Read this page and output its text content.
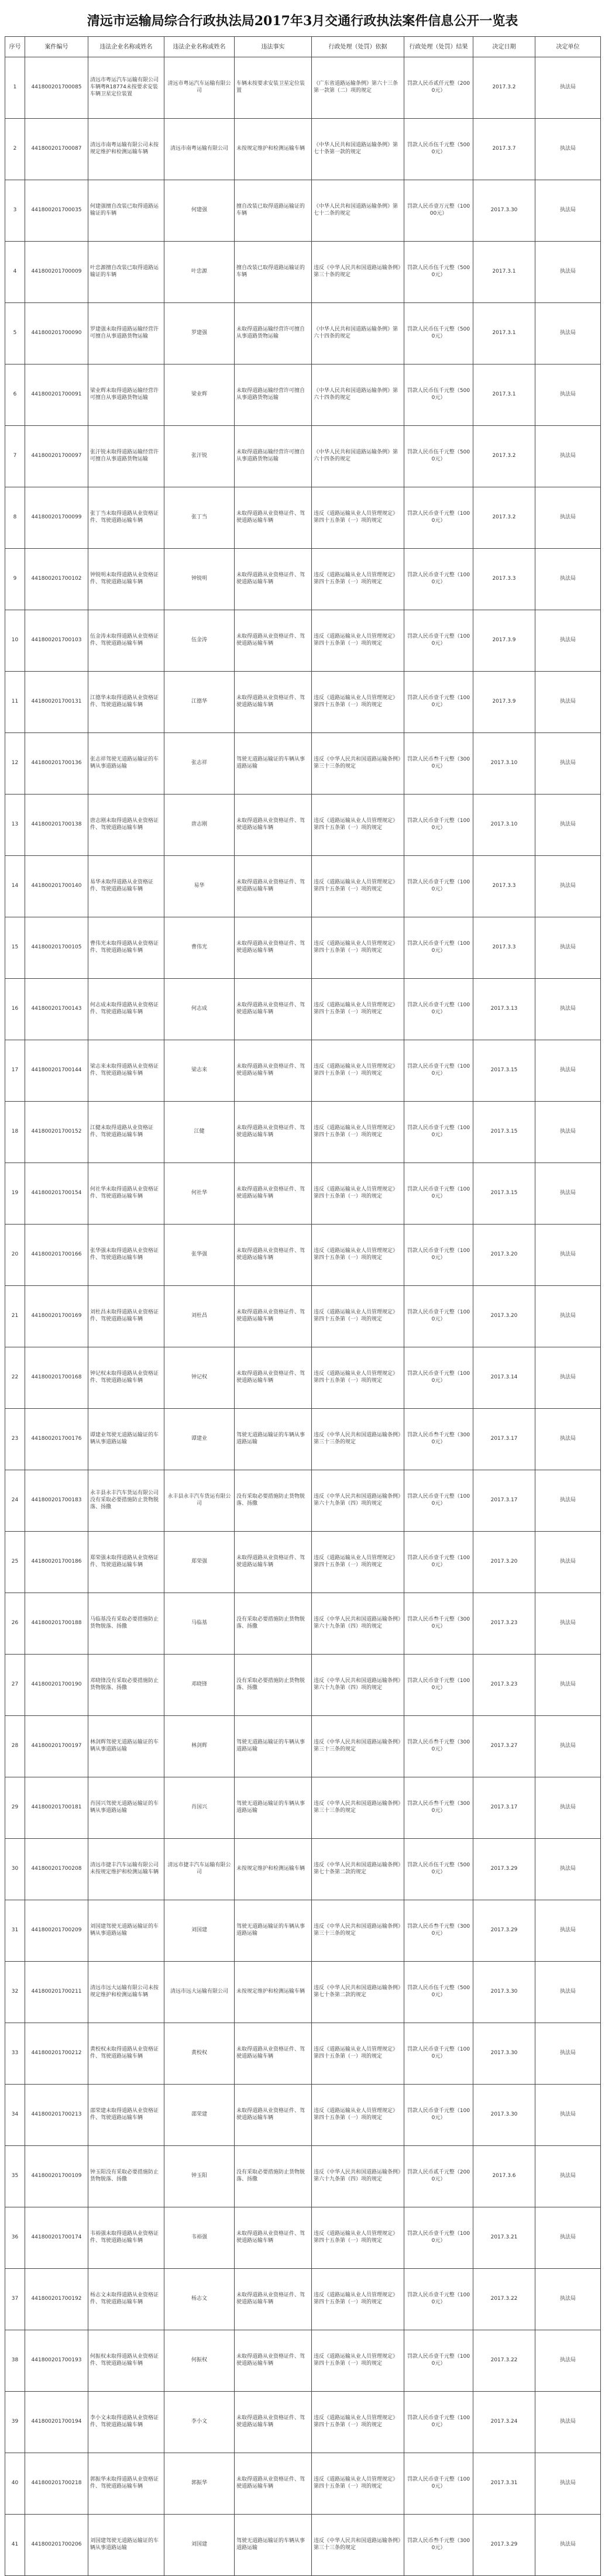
清远市运输局综合行政执法局2017年3月交通行政执法案件信息公开一览表
序号	案件编号	违法企业名称或姓名	违法企业名称或姓名	违法事实	行政处理（处罚）依据	行政处理（处罚）结果	决定日期	决定单位
1	441800201700085	清远市粤运汽车运输有限公司车辆粤R18774未按要求安装车辆卫星定位装置	清远市粤运汽车运输有限公司	车辆未按要求安装卫星定位装置	《广东省道路运输条例》第六十三条第一款第（二）项的规定	罚款人民币贰仟元整（2000元）	2017.3.2	执法局
2	441800201700087	清远市南粤运输有限公司未按规定维护和检测运输车辆	清远市南粤运输有限公司	未按规定维护和检测运输车辆	《中华人民共和国道路运输条例》第七十条第一款的规定	罚款人民币伍千元整（5000元）	2017.3.7	执法局
3	441800201700035	何建强擅自改装已取得道路运输证的车辆	何建强	擅自改装已取得道路运输证的车辆	《中华人民共和国道路运输条例》第七十二条的规定	罚款人民币壹万元整（10000元）	2017.3.30	执法局
4	441800201700009	叶忠源擅自改装已取得道路运输证的车辆	叶忠源	擅自改装已取得道路运输证的车辆	违反《中华人民共和国道路运输条例》第三十条的规定	罚款人民币伍千元整（5000元）	2017.3.1	执法局
5	441800201700090	罗建强未取得道路运输经营许可擅自从事道路货物运输	罗建强	未取得道路运输经营许可擅自从事道路货物运输	《中华人民共和国道路运输条例》第六十四条的规定	罚款人民币伍千元整（5000元）	2017.3.1	执法局
6	441800201700091	梁业辉未取得道路运输经营许可擅自从事道路货物运输	梁业辉	未取得道路运输经营许可擅自从事道路货物运输	《中华人民共和国道路运输条例》第六十四条的规定	罚款人民币伍千元整（5000元）	2017.3.1	执法局
7	441800201700097	张汗锐未取得道路运输经营许可擅自从事道路货物运输	张汗锐	未取得道路运输经营许可擅自从事道路货物运输	《中华人民共和国道路运输条例》第六十四条的规定	罚款人民币伍千元整（5000元）	2017.3.2	执法局
8	441800201700099	张丁当未取得道路从业资格证件、驾驶道路运输车辆	张丁当	未取得道路从业资格证件、驾驶道路运输车辆	违反《道路运输从业人员管理规定》第四十五条第（一）项的规定	罚款人民币壹千元整（1000元）	2017.3.2	执法局
9	441800201700102	钟锐明未取得道路从业资格证件、驾驶道路运输车辆	钟锐明	未取得道路从业资格证件、驾驶道路运输车辆	违反《道路运输从业人员管理规定》第四十五条第（一）项的规定	罚款人民币壹千元整（1000元）	2017.3.3	执法局
10	441800201700103	伍金涛未取得道路从业资格证件、驾驶道路运输车辆	伍金涛	未取得道路从业资格证件、驾驶道路运输车辆	违反《道路运输从业人员管理规定》第四十五条第（一）项的规定	罚款人民币壹千元整（1000元）	2017.3.9	执法局
11	441800201700131	江德华未取得道路从业资格证件、驾驶道路运输车辆	江德华	未取得道路从业资格证件、驾驶道路运输车辆	违反《道路运输从业人员管理规定》第四十五条第（一）项的规定	罚款人民币壹千元整（1000元）	2017.3.9	执法局
12	441800201700136	张志祥驾驶无道路运输证的车辆从事道路运输	张志祥	驾驶无道路运输证的车辆从事道路运输	违反《中华人民共和国道路运输条例》第三十三条的规定	罚款人民币叁千元整（3000元）	2017.3.10	执法局
13	441800201700138	唐志刚未取得道路从业资格证件、驾驶道路运输车辆	唐志刚	未取得道路从业资格证件、驾驶道路运输车辆	违反《道路运输从业人员管理规定》第四十五条第（一）项的规定	罚款人民币壹千元整（1000元）	2017.3.10	执法局
14	441800201700140	易华未取得道路从业资格证件、驾驶道路运输车辆	易华	未取得道路从业资格证件、驾驶道路运输车辆	违反《道路运输从业人员管理规定》第四十五条第（一）项的规定	罚款人民币壹千元整（1000元）	2017.3.3	执法局
15	441800201700105	曹伟光未取得道路从业资格证件、驾驶道路运输车辆	曹伟光	未取得道路从业资格证件、驾驶道路运输车辆	违反《道路运输从业人员管理规定》第四十五条第（一）项的规定	罚款人民币壹千元整（1000元）	2017.3.3	执法局
16	441800201700143	何志成未取得道路从业资格证件、驾驶道路运输车辆	何志成	未取得道路从业资格证件、驾驶道路运输车辆	违反《道路运输从业人员管理规定》第四十五条第（一）项的规定	罚款人民币壹千元整（1000元）	2017.3.13	执法局
17	441800201700144	梁志来未取得道路从业资格证件、驾驶道路运输车辆	梁志来	未取得道路从业资格证件、驾驶道路运输车辆	违反《道路运输从业人员管理规定》第四十五条第（一）项的规定	罚款人民币壹千元整（1000元）	2017.3.15	执法局
18	441800201700152	江健未取得道路从业资格证件、驾驶道路运输车辆	江健	未取得道路从业资格证件、驾驶道路运输车辆	违反《道路运输从业人员管理规定》第四十五条第（一）项的规定	罚款人民币壹千元整（1000元）	2017.3.15	执法局
19	441800201700154	何社华未取得道路从业资格证件、驾驶道路运输车辆	何社华	未取得道路从业资格证件、驾驶道路运输车辆	违反《道路运输从业人员管理规定》第四十五条第（一）项的规定	罚款人民币壹千元整（1000元）	2017.3.15	执法局
20	441800201700166	张华强未取得道路从业资格证件、驾驶道路运输车辆	张华强	未取得道路从业资格证件、驾驶道路运输车辆	违反《道路运输从业人员管理规定》第四十五条第（一）项的规定	罚款人民币壹千元整（1000元）	2017.3.20	执法局
21	441800201700169	刘杜昌未取得道路从业资格证件、驾驶道路运输车辆	刘杜昌	未取得道路从业资格证件、驾驶道路运输车辆	违反《道路运输从业人员管理规定》第四十五条第（一）项的规定	罚款人民币壹千元整（1000元）	2017.3.20	执法局
22	441800201700168	钟记权未取得道路从业资格证件、驾驶道路运输车辆	钟记权	未取得道路从业资格证件、驾驶道路运输车辆	违反《道路运输从业人员管理规定》第四十五条第（一）项的规定	罚款人民币壹千元整（1000元）	2017.3.14	执法局
23	441800201700176	谭建业驾驶无道路运输证的车辆从事道路运输	谭建业	驾驶无道路运输证的车辆从事道路运输	违反《中华人民共和国道路运输条例》第三十三条的规定	罚款人民币叁千元整（3000元）	2017.3.17	执法局
24	441800201700183	永丰县永丰汽车货运有限公司没有采取必要措施防止货物脱落、扬撒	永丰县永丰汽车货运有限公司	没有采取必要措施防止货物脱落、扬撒	违反《中华人民共和国道路运输条例》第六十九条第（四）项的规定	罚款人民币壹千元整（1000元）	2017.3.17	执法局
25	441800201700186	郑荣强未取得道路从业资格证件、驾驶道路运输车辆	郑荣强	未取得道路从业资格证件、驾驶道路运输车辆	违反《道路运输从业人员管理规定》第四十五条第（一）项的规定	罚款人民币壹千元整（1000元）	2017.3.20	执法局
26	441800201700188	马临基没有采取必要措施防止货物脱落、扬撒	马临基	没有采取必要措施防止货物脱落、扬撒	违反《中华人民共和国道路运输条例》第六十九条第（四）项的规定	罚款人民币叁千元整（3000元）	2017.3.23	执法局
27	441800201700190	邓晓锋没有采取必要措施防止货物脱落、扬撒	邓晓锋	没有采取必要措施防止货物脱落、扬撒	违反《中华人民共和国道路运输条例》第六十九条第（四）项的规定	罚款人民币壹千元整（1000元）	2017.3.23	执法局
28	441800201700197	林剑辉驾驶无道路运输证的车辆从事道路运输	林剑辉	驾驶无道路运输证的车辆从事道路运输	违反《中华人民共和国道路运输条例》第三十三条的规定	罚款人民币叁千元整（3000元）	2017.3.27	执法局
29	441800201700181	肖国兴驾驶无道路运输证的车辆从事道路运输	肖国兴	驾驶无道路运输证的车辆从事道路运输	违反《中华人民共和国道路运输条例》第三十三条的规定	罚款人民币叁千元整（3000元）	2017.3.17	执法局
30	441800201700208	清远市捷丰汽车运输有限公司未按规定维护和检测运输车辆	清远市捷丰汽车运输有限公司	未按规定维护和检测运输车辆	违反《中华人民共和国道路运输条例》第七十条第二款的规定	罚款人民币伍千元整（5000元）	2017.3.29	执法局
31	441800201700209	刘国建驾驶无道路运输证的车辆从事道路运输	刘国建	驾驶无道路运输证的车辆从事道路运输	违反《中华人民共和国道路运输条例》第三十三条的规定	罚款人民币叁千元整（3000元）	2017.3.29	执法局
32	441800201700211	清远市远大运输有限公司未按规定维护和检测运输车辆	清远市远大运输有限公司	未按规定维护和检测运输车辆	违反《中华人民共和国道路运输条例》第七十条第二款的规定	罚款人民币伍千元整（5000元）	2017.3.30	执法局
33	441800201700212	黄校权未取得道路从业资格证件、驾驶道路运输车辆	黄校权	未取得道路从业资格证件、驾驶道路运输车辆	违反《道路运输从业人员管理规定》第四十五条第（一）项的规定	罚款人民币壹千元整（1000元）	2017.3.30	执法局
34	441800201700213	邵荣建未取得道路从业资格证件、驾驶道路运输车辆	邵荣建	未取得道路从业资格证件、驾驶道路运输车辆	违反《道路运输从业人员管理规定》第四十五条第（一）项的规定	罚款人民币壹千元整（1000元）	2017.3.30	执法局
35	441800201700109	钟玉阳没有采取必要措施防止货物脱落、扬撒	钟玉阳	没有采取必要措施防止货物脱落、扬撒	违反《中华人民共和国道路运输条例》第六十九条第（四）项的规定	罚款人民币贰千元整（2000元）	2017.3.6	执法局
36	441800201700174	韦裕强未取得道路从业资格证件、驾驶道路运输车辆	韦裕强	未取得道路从业资格证件、驾驶道路运输车辆	违反《道路运输从业人员管理规定》第四十五条第（一）项的规定	罚款人民币壹千元整（1000元）	2017.3.21	执法局
37	441800201700192	杨志文未取得道路从业资格证件、驾驶道路运输车辆	杨志文	未取得道路从业资格证件、驾驶道路运输车辆	违反《道路运输从业人员管理规定》第四十五条第（一）项的规定	罚款人民币壹千元整（1000元）	2017.3.22	执法局
38	441800201700193	何振权未取得道路从业资格证件、驾驶道路运输车辆	何振权	未取得道路从业资格证件、驾驶道路运输车辆	违反《道路运输从业人员管理规定》第四十五条第（一）项的规定	罚款人民币壹千元整（1000元）	2017.3.22	执法局
39	441800201700194	李小文未取得道路从业资格证件、驾驶道路运输车辆	李小文	未取得道路从业资格证件、驾驶道路运输车辆	违反《道路运输从业人员管理规定》第四十五条第（一）项的规定	罚款人民币壹千元整（1000元）	2017.3.24	执法局
40	441800201700218	郭振华未取得道路从业资格证件、驾驶道路运输车辆	郭振华	未取得道路从业资格证件、驾驶道路运输车辆	违反《道路运输从业人员管理规定》第四十五条第（一）项的规定	罚款人民币壹千元整（1000元）	2017.3.31	执法局
41	441800201700206	刘国建驾驶无道路运输证的车辆从事道路运输	刘国建	驾驶无道路运输证的车辆从事道路运输	违反《中华人民共和国道路运输条例》第三十三条的规定	罚款人民币叁千元整（3000元）	2017.3.29	执法局
